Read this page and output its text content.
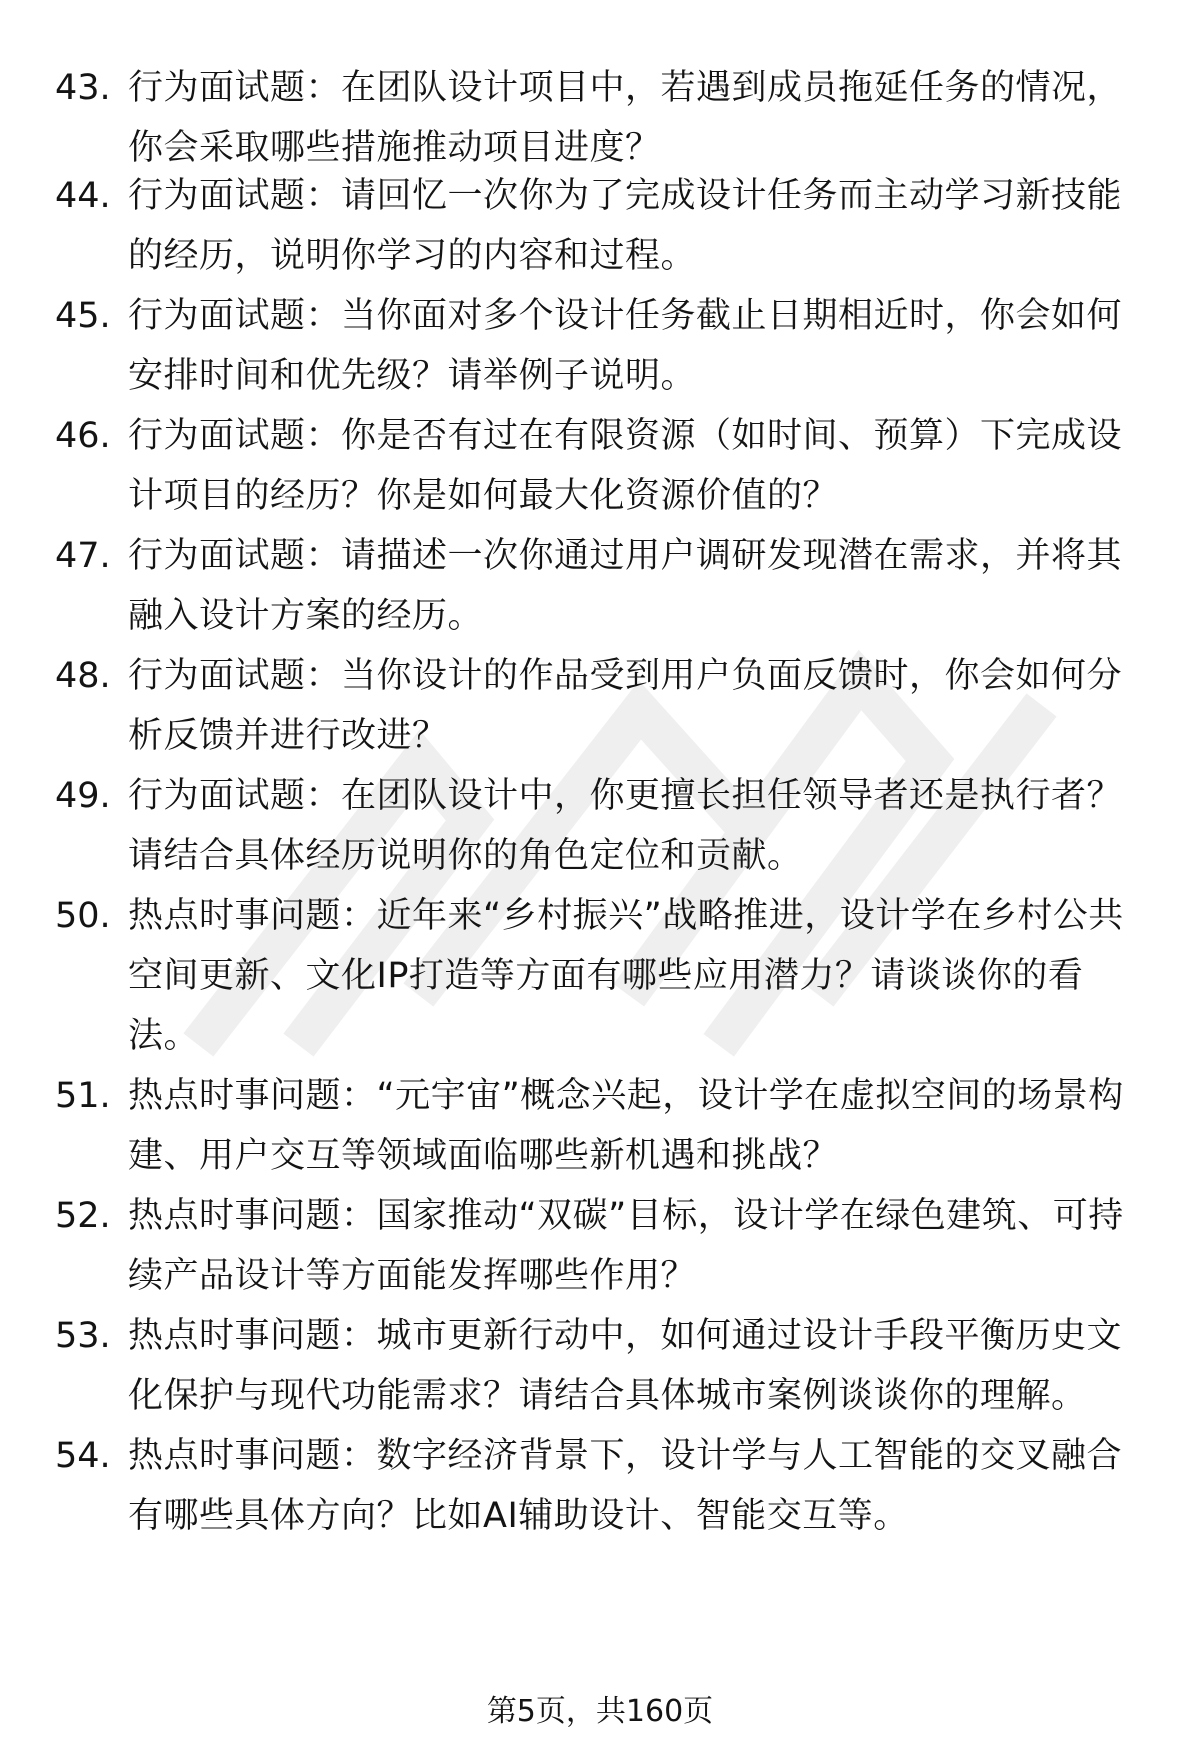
43. 行为面试题：在团队设计项目中，若遇到成员拖延任务的情况，你会采取哪些措施推动项目进度？
44. 行为面试题：请回忆一次你为了完成设计任务而主动学习新技能的经历，说明你学习的内容和过程。
45. 行为面试题：当你面对多个设计任务截止日期相近时，你会如何安排时间和优先级？请举例子说明。
46. 行为面试题：你是否有过在有限资源（如时间、预算）下完成设计项目的经历？你是如何最大化资源价值的？
47. 行为面试题：请描述一次你通过用户调研发现潜在需求，并将其融入设计方案的经历。
48. 行为面试题：当你设计的作品受到用户负面反馈时，你会如何分析反馈并进行改进？
49. 行为面试题：在团队设计中，你更擅长担任领导者还是执行者？请结合具体经历说明你的角色定位和贡献。
50. 热点时事问题：近年来“乡村振兴”战略推进，设计学在乡村公共空间更新、文化IP打造等方面有哪些应用潜力？请谈谈你的看法。
51. 热点时事问题：“元宇宙”概念兴起，设计学在虚拟空间的场景构建、用户交互等领域面临哪些新机遇和挑战？
52. 热点时事问题：国家推动“双碳”目标，设计学在绿色建筑、可持续产品设计等方面能发挥哪些作用？
53. 热点时事问题：城市更新行动中，如何通过设计手段平衡历史文化保护与现代功能需求？请结合具体城市案例谈谈你的理解。
54. 热点时事问题：数字经济背景下，设计学与人工智能的交叉融合有哪些具体方向？比如AI辅助设计、智能交互等。
第5页，共160页
